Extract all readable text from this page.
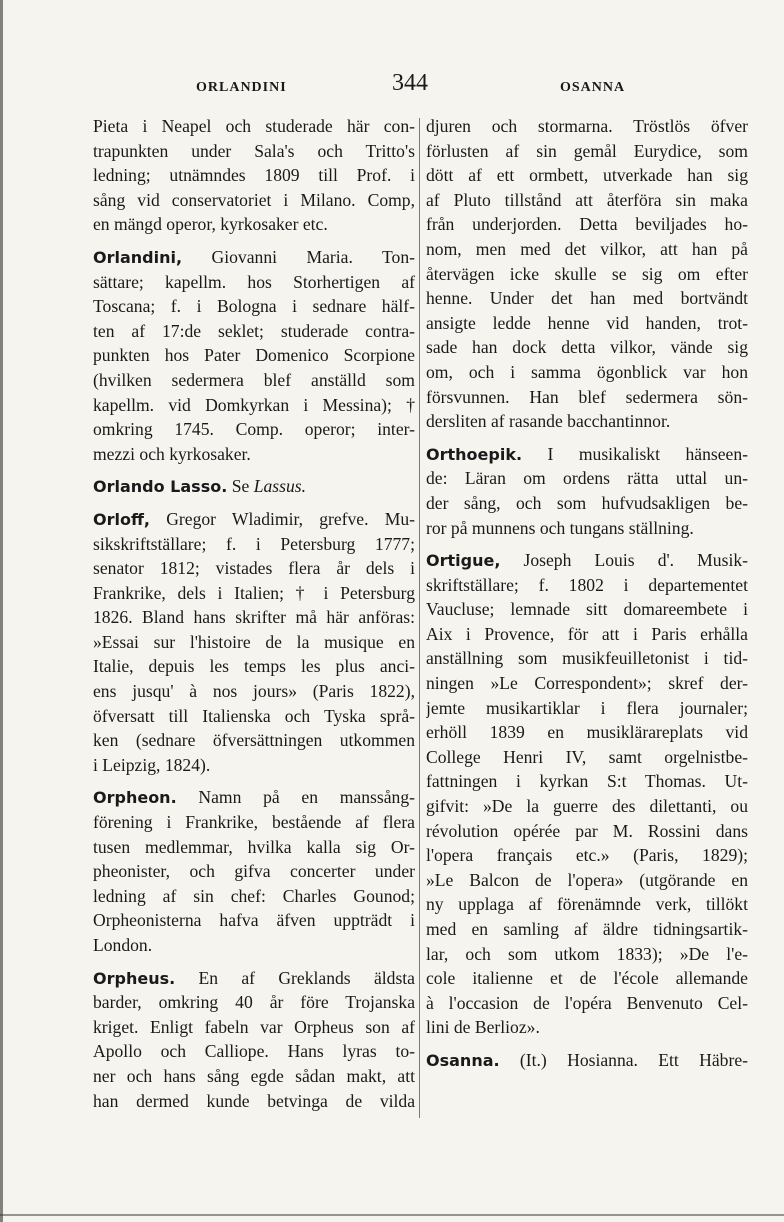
ORLANDINI	344	OSANNA
Pieta i Neapel och studerade här con-
trapunkten under Sala's och Tritto's
ledning; utnämndes 1809 till Prof. i
sång vid conservatoriet i Milano. Comp,
en mängd operor, kyrkosaker etc.
Orlandini, Giovanni Maria. Ton-
sättare; kapellm. hos Storhertigen af
Toscana; f. i Bologna i sednare hälf-
ten af 17:de seklet; studerade contra-
punkten hos Pater Domenico Scorpione
(hvilken sedermera blef anställd som
kapellm. vid Domkyrkan i Messina); †
omkring 1745. Comp. operor; inter-
mezzi och kyrkosaker.
Orlando Lasso. Se Lassus.
Orloff, Gregor Wladimir, grefve. Mu-
sikskriftställare; f. i Petersburg 1777;
senator 1812; vistades flera år dels i
Frankrike, dels i Italien; † i Petersburg
1826. Bland hans skrifter må här anföras:
»Essai sur l'histoire de la musique en
Italie, depuis les temps les plus anci-
ens jusqu' à nos jours» (Paris 1822),
öfversatt till Italienska och Tyska språ-
ken (sednare öfversättningen utkommen
i Leipzig, 1824).
Orpheon. Namn på en manssång-
förening i Frankrike, bestående af flera
tusen medlemmar, hvilka kalla sig Or-
pheonister, och gifva concerter under
ledning af sin chef: Charles Gounod;
Orpheonisterna hafva äfven uppträdt i
London.
Orpheus. En af Greklands äldsta
barder, omkring 40 år före Trojanska
kriget. Enligt fabeln var Orpheus son af
Apollo och Calliope. Hans lyras to-
ner och hans sång egde sådan makt, att
han dermed kunde betvinga de vilda
djuren och stormarna. Tröstlös öfver
förlusten af sin gemål Eurydice, som
dött af ett ormbett, utverkade han sig
af Pluto tillstånd att återföra sin maka
från underjorden. Detta beviljades ho-
nom, men med det vilkor, att han på
återvägen icke skulle se sig om efter
henne. Under det han med bortvändt
ansigte ledde henne vid handen, trot-
sade han dock detta vilkor, vände sig
om, och i samma ögonblick var hon
försvunnen. Han blef sedermera sön-
dersliten af rasande bacchantinnor.
Orthoepik. I musikaliskt hänseen-
de: Läran om ordens rätta uttal un-
der sång, och som hufvudsakligen be-
ror på munnens och tungans ställning.
Ortigue, Joseph Louis d'. Musik-
skriftställare; f. 1802 i departementet
Vaucluse; lemnade sitt domareembete i
Aix i Provence, för att i Paris erhålla
anställning som musikfeuilletonist i tid-
ningen »Le Correspondent»; skref der-
jemte musikartiklar i flera journaler;
erhöll 1839 en musiklärareplats vid
College Henri IV, samt orgelnistbe-
fattningen i kyrkan S:t Thomas. Ut-
gifvit: »De la guerre des dilettanti, ou
révolution opérée par M. Rossini dans
l'opera français etc.» (Paris, 1829);
»Le Balcon de l'opera» (utgörande en
ny upplaga af förenämnde verk, tillökt
med en samling af äldre tidningsartik-
lar, och som utkom 1833); »De l'e-
cole italienne et de l'école allemande
à l'occasion de l'opéra Benvenuto Cel-
lini de Berlioz».
Osanna. (It.) Hosianna. Ett Häbre-
